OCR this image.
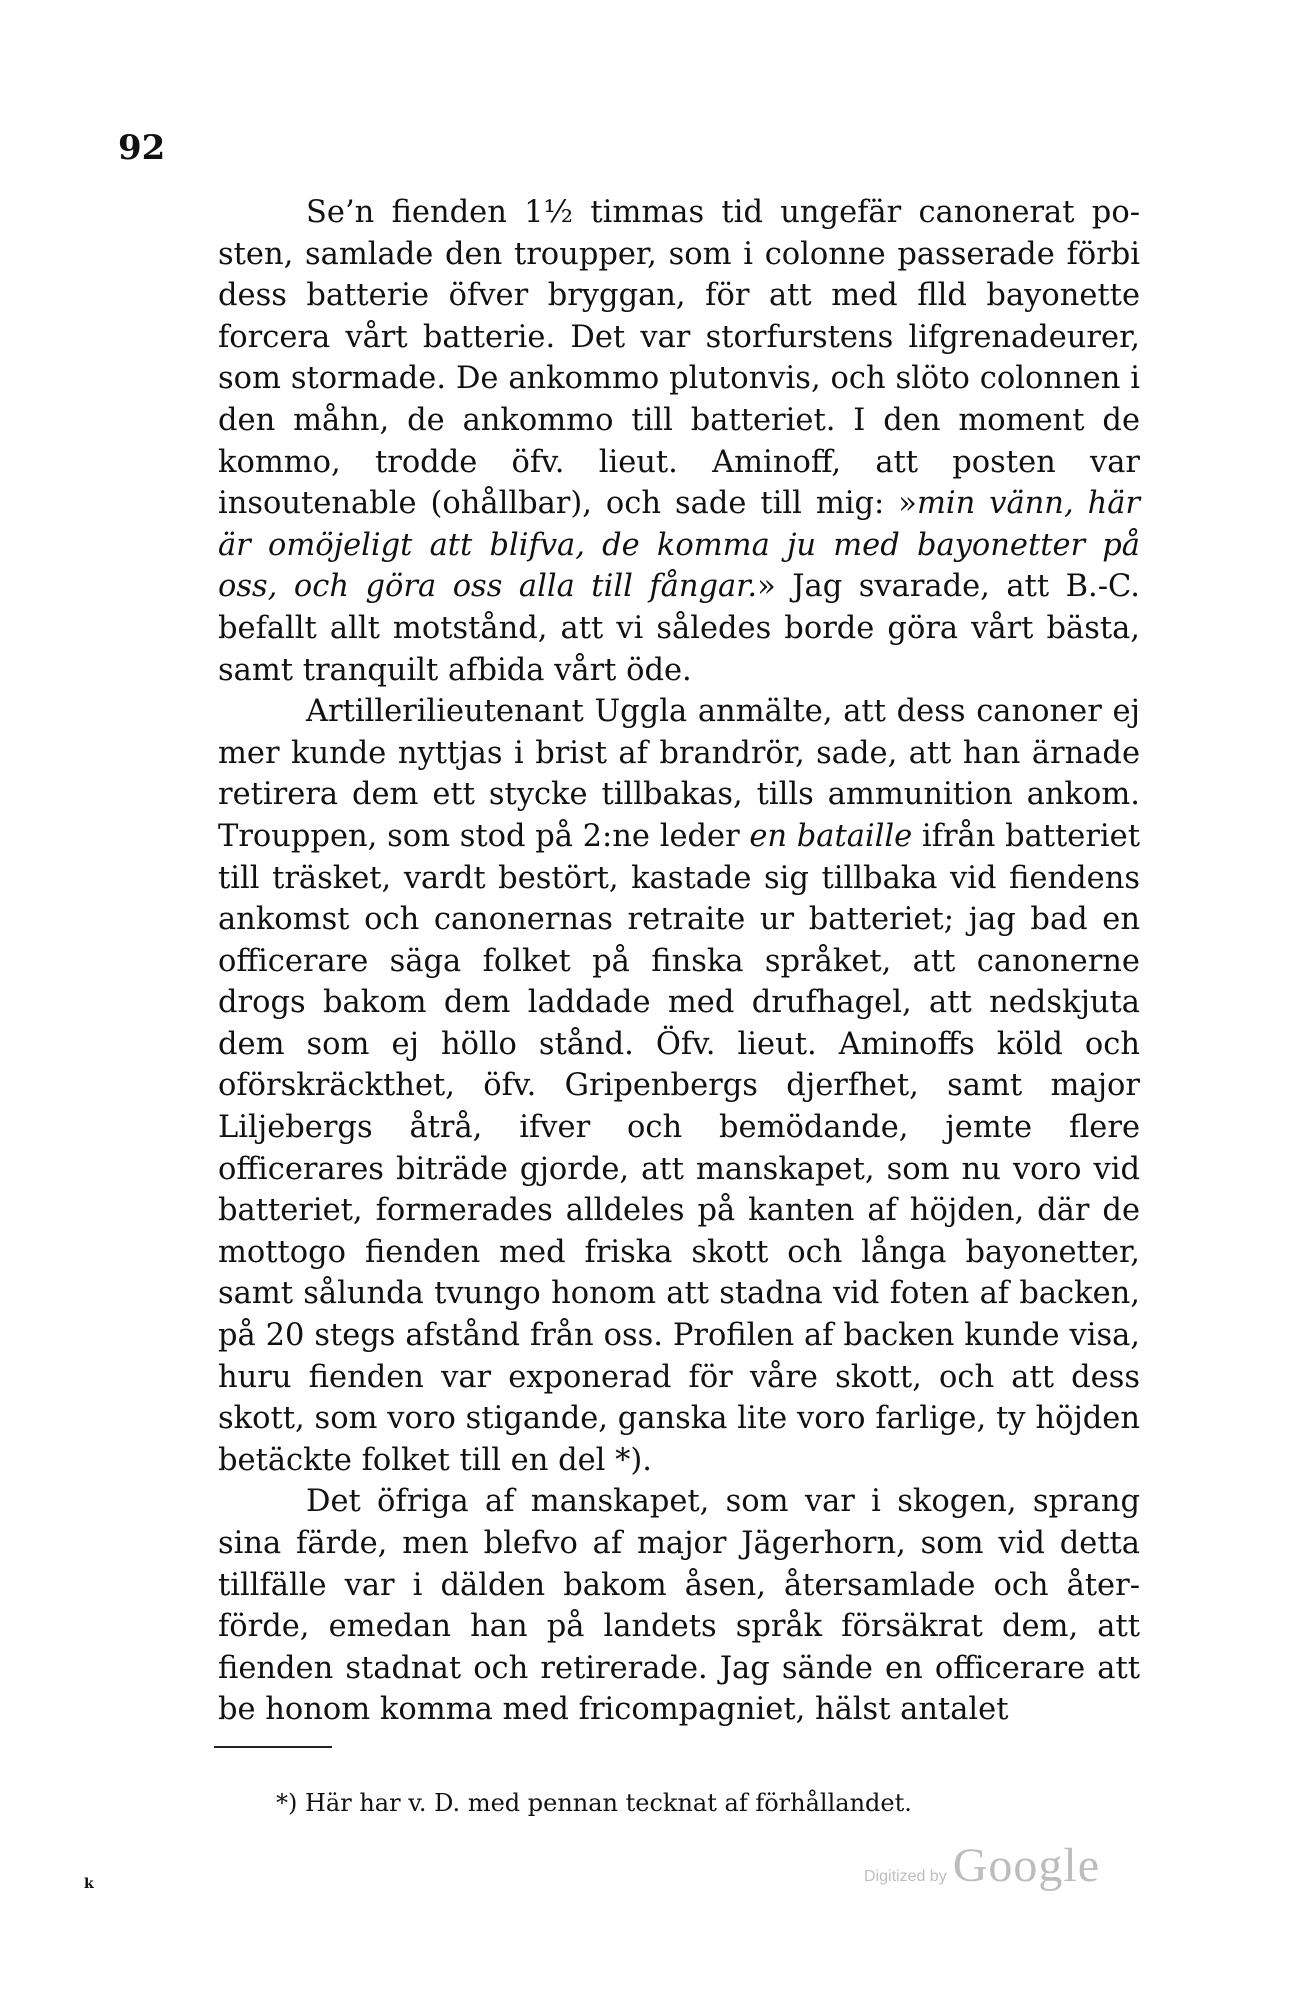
92

Se’n fienden 1½ timmas tid ungefär canonerat posten, samlade den troupper, som i colonne passerade förbi dess batterie öfver bryggan, för att med flld bayonette forcera vårt batterie. Det var storfurstens lifgrenadeurer, som stormade. De ankommo plutonvis, och slöto colonnen i den måhn, de ankommo till batteriet. I den moment de kommo, trodde öfv. lieut. Aminoff, att posten var insoutenable (ohållbar), och sade till mig: »min vänn, här är omöjeligt att blifva, de komma ju med bayonetter på oss, och göra oss alla till fångar.» Jag svarade, att B.-C. befallt allt motstånd, att vi således borde göra vårt bästa, samt tranquilt afbida vårt öde.

Artillerilieutenant Uggla anmälte, att dess canoner ej mer kunde nyttjas i brist af brandrör, sade, att han ärnade retirera dem ett stycke tillbakas, tills ammunition ankom. Trouppen, som stod på 2:ne leder en bataille ifrån batteriet till träsket, vardt bestört, kastade sig tillbaka vid fiendens ankomst och canonernas retraite ur batteriet; jag bad en officerare säga folket på finska språket, att canonerne drogs bakom dem laddade med drufhagel, att nedskjuta dem som ej höllo stånd. Öfv. lieut. Aminoffs köld och oförskräckthet, öfv. Gripenbergs djerfhet, samt major Liljebergs åtrå, ifver och bemödande, jemte flere officerares biträde gjorde, att manskapet, som nu voro vid batteriet, formerades alldeles på kanten af höjden, där de mottogo fienden med friska skott och långa bayonetter, samt sålunda tvungo honom att stadna vid foten af backen, på 20 stegs afstånd från oss. Profilen af backen kunde visa, huru fienden var exponerad för våre skott, och att dess skott, som voro stigande, ganska lite voro farlige, ty höjden betäckte folket till en del *).

Det öfriga af manskapet, som var i skogen, sprang sina färde, men blefvo af major Jägerhorn, som vid detta tillfälle var i dälden bakom åsen, återsamlade och återförde, emedan han på landets språk försäkrat dem, att fienden stadnat och retirerade. Jag sände en officerare att be honom komma med fricompagniet, hälst antalet

*) Här har v. D. med pennan tecknat af förhållandet.
k	Digitized by Google
